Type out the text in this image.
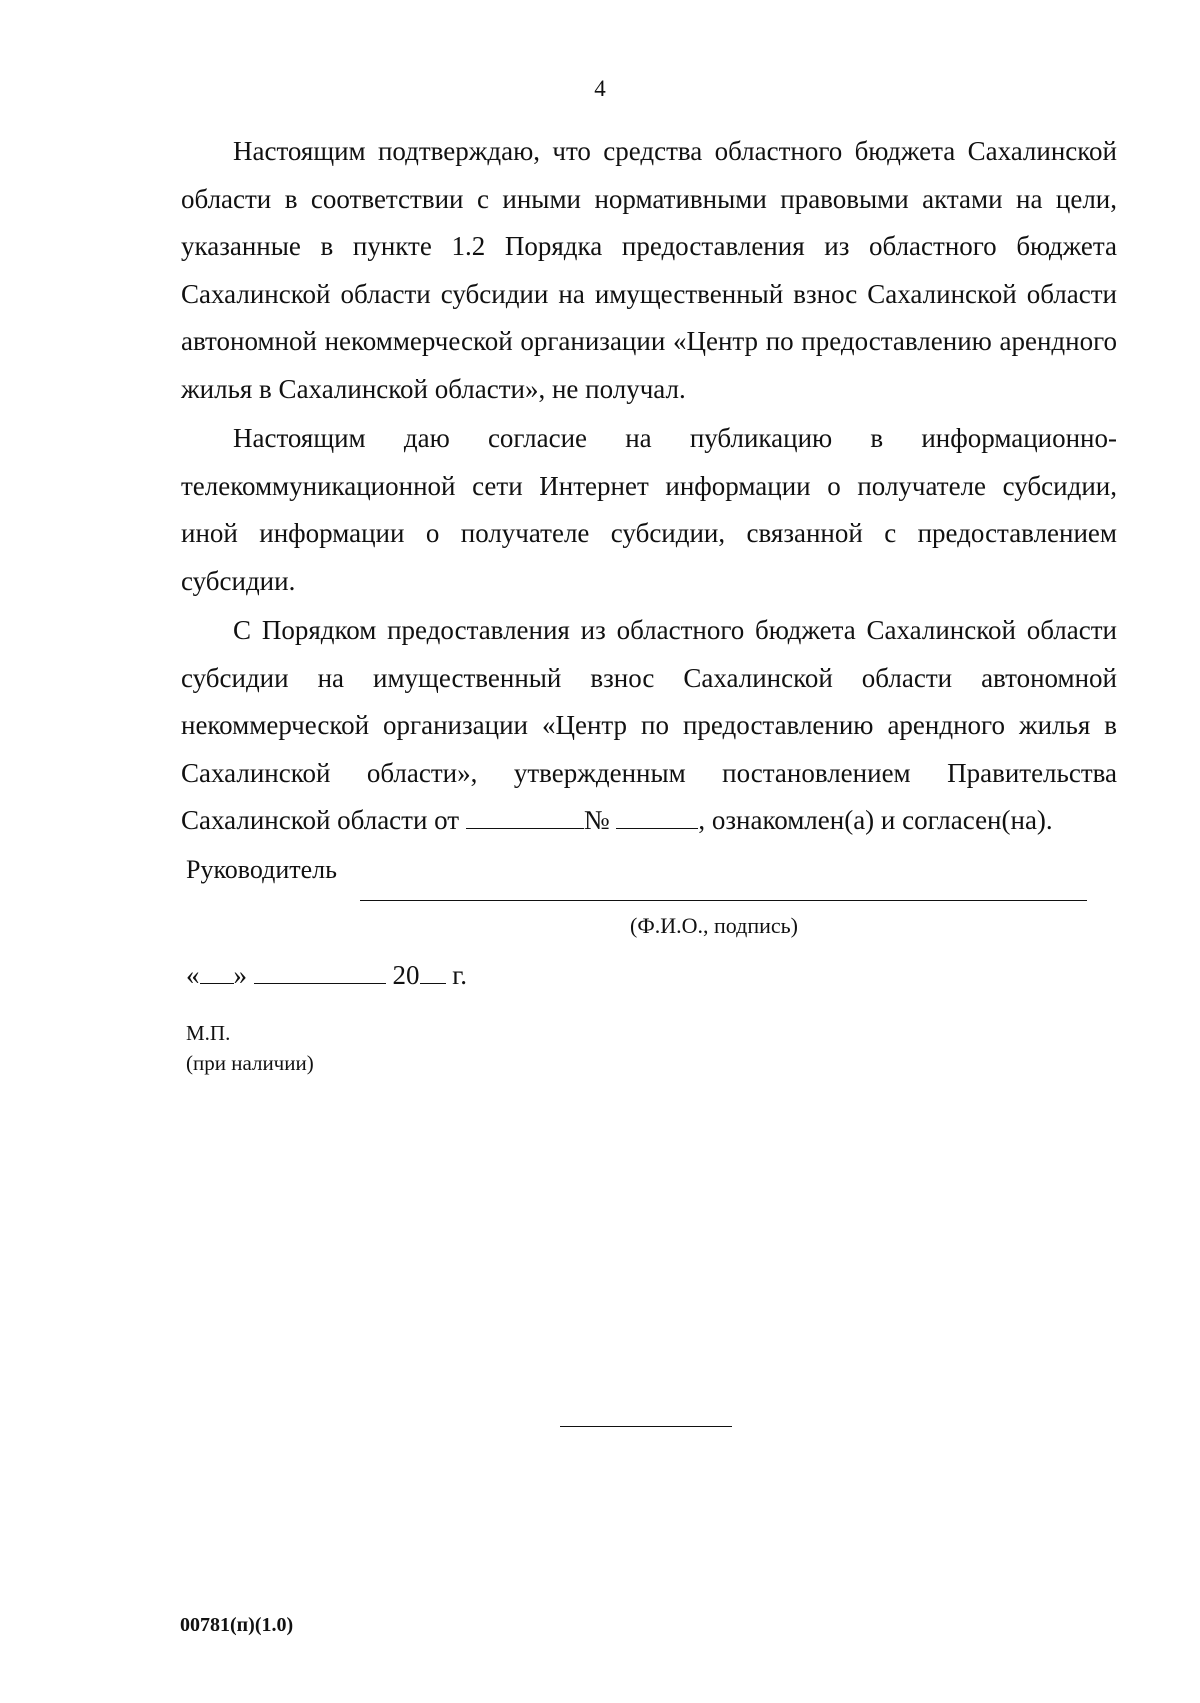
4

Настоящим подтверждаю, что средства областного бюджета Сахалинской области в соответствии с иными нормативными правовыми актами на цели, указанные в пункте 1.2 Порядка предоставления из областного бюджета Сахалинской области субсидии на имущественный взнос Сахалинской области автономной некоммерческой организации «Центр по предоставлению арендного жилья в Сахалинской области», не получал.

Настоящим даю согласие на публикацию в информационно-телекоммуникационной сети Интернет информации о получателе субсидии, иной информации о получателе субсидии, связанной с предоставлением субсидии.

С Порядком предоставления из областного бюджета Сахалинской области субсидии на имущественный взнос Сахалинской области автономной некоммерческой организации «Центр по предоставлению арендного жилья в Сахалинской области», утвержденным постановлением Правительства Сахалинской области от	№	, ознакомлен(а) и согласен(на).

Руководитель
(Ф.И.О., подпись)
« »	20 г.
М.П.
(при наличии)
00781(п)(1.0)
